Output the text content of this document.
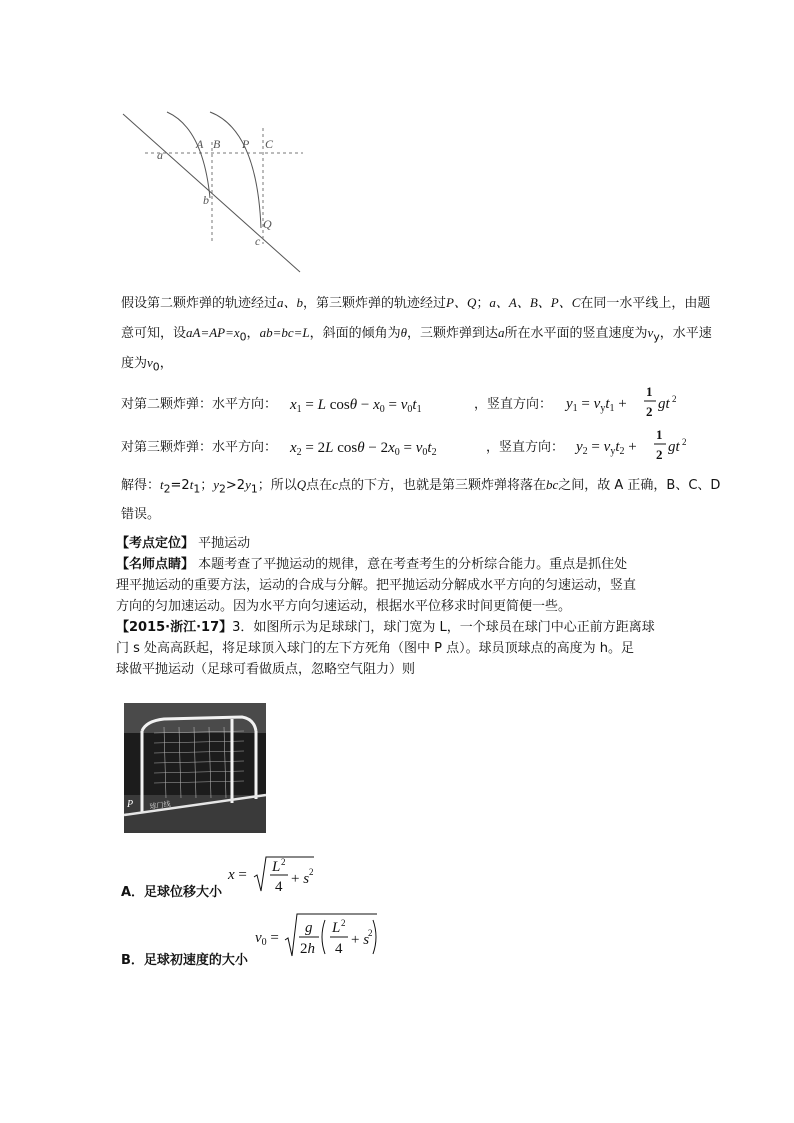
a
A B P C
b
Q
c
假设第二颗炸弹的轨迹经过a、b，第三颗炸弹的轨迹经过P、Q；a、A、B、P、C在同一水平线上，由题
意可知，设$aA=AP=x_0$，ab=bc=L，斜面的倾角为θ，三颗炸弹到达a所在水平面的竖直速度为$v_y$，水平速
度为$v_0$，
对第二颗炸弹：水平方向： $x_1 = L$ $\cos\theta - x_0 = v_0t_1$	，竖直方向： $y_1 = v_yt_1$ +
1
2 gt 2
对第三颗炸弹：水平方向： $x_2 = 2L$ $\cos\theta - 2x_0 = v_0t_2$	，竖直方向： $y_2 = v_yt_2$ +
1
2 gt 2
解得：$t_2=2t_1$；$y_2>2y_1$；所以Q点在c点的下方，也就是第三颗炸弹将落在bc之间，故 A 正确，B、C、D
错误。
【考点定位】 平抛运动
【名师点睛】 本题考查了平抛运动的规律，意在考查考生的分析综合能力。重点是抓住处
理平抛运动的重要方法，运动的合成与分解。把平抛运动分解成水平方向的匀速运动，竖直
方向的匀加速运动。因为水平方向匀速运动，根据水平位移求时间更简便一些。
【2015·浙江·17】3．如图所示为足球球门，球门宽为 L，一个球员在球门中心正前方距离球
门 s 处高高跃起，将足球顶入球门的左下方死角（图中 P 点）。球员顶球点的高度为 h。足
球做平抛运动（足球可看做质点，忽略空气阻力）则
P 球门线
A．足球位移大小
x = L 2
4 + s 2
B．足球初速度的大小
$v_0$ =
g
2h
L 2
4
+ s
2
